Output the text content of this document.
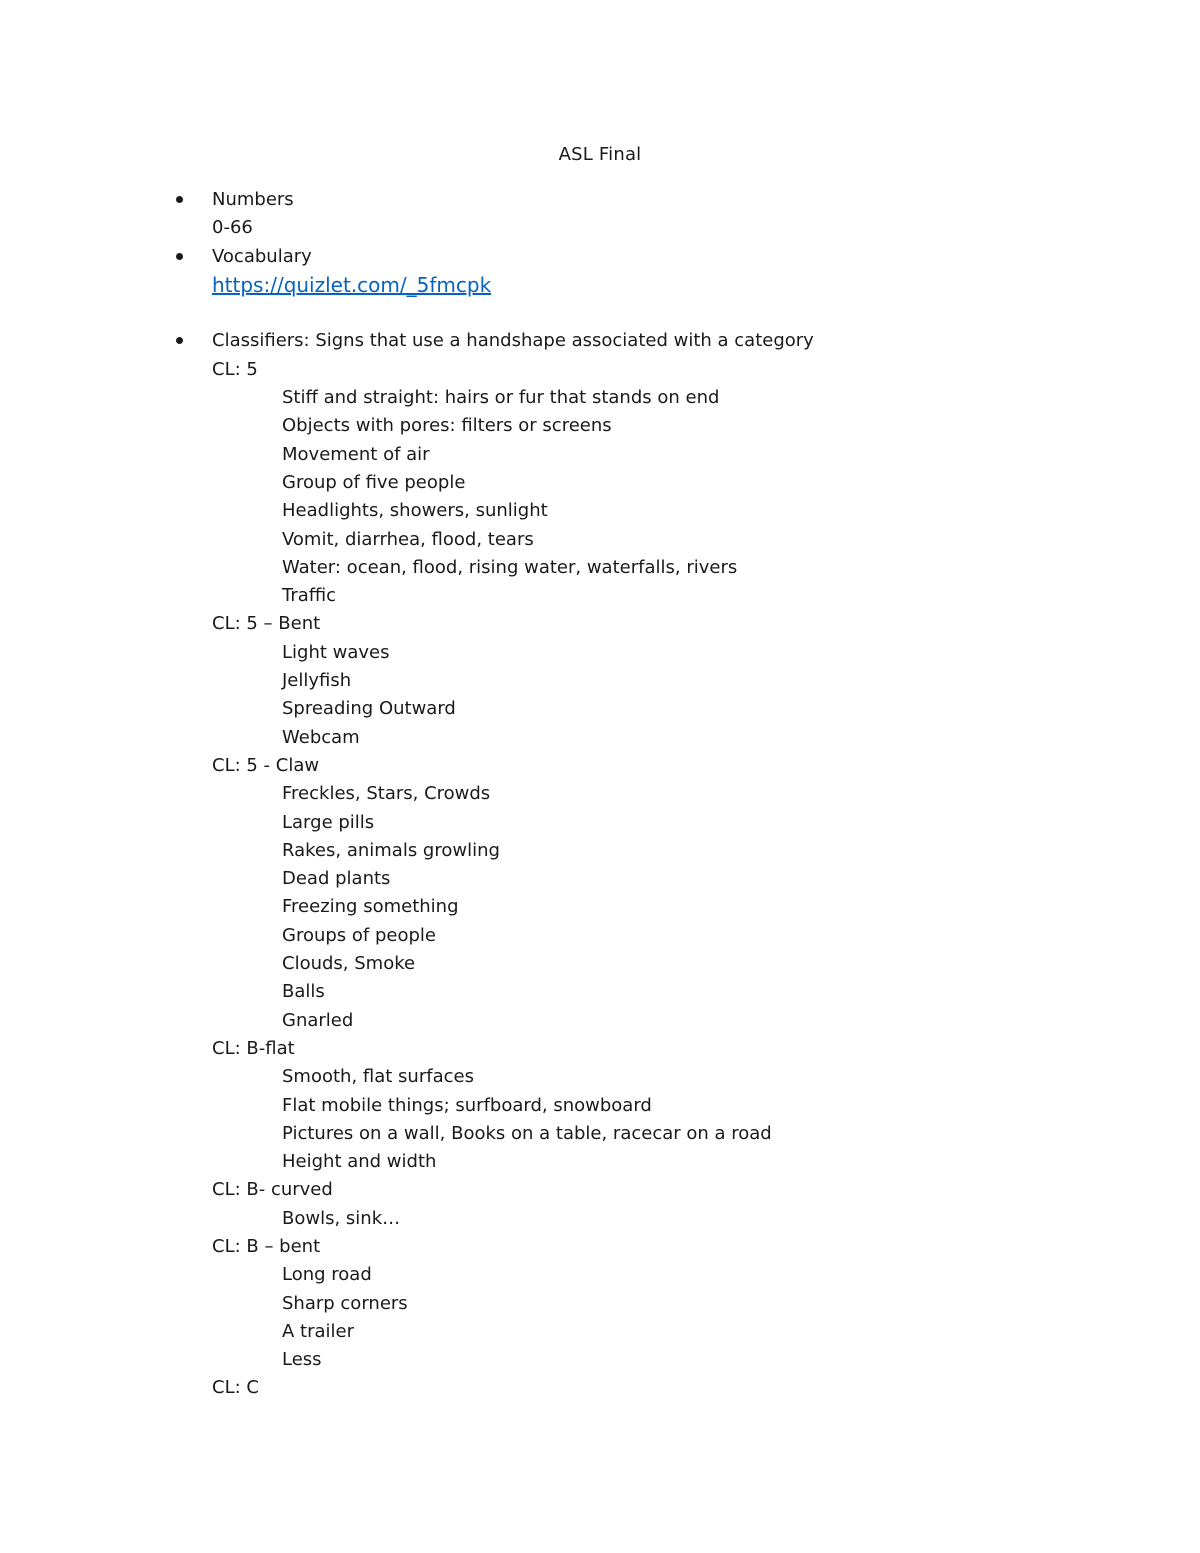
ASL Final
Numbers
0-66
Vocabulary
https://quizlet.com/_5fmcpk
Classifiers: Signs that use a handshape associated with a category
CL: 5
Stiff and straight: hairs or fur that stands on end
Objects with pores: filters or screens
Movement of air
Group of five people
Headlights, showers, sunlight
Vomit, diarrhea, flood, tears
Water: ocean, flood, rising water, waterfalls, rivers
Traffic
CL: 5 – Bent
Light waves
Jellyfish
Spreading Outward
Webcam
CL: 5 - Claw
Freckles, Stars, Crowds
Large pills
Rakes, animals growling
Dead plants
Freezing something
Groups of people
Clouds, Smoke
Balls
Gnarled
CL: B-flat
Smooth, flat surfaces
Flat mobile things; surfboard, snowboard
Pictures on a wall, Books on a table, racecar on a road
Height and width
CL: B- curved
Bowls, sink…
CL: B – bent
Long road
Sharp corners
A trailer
Less
CL: C
